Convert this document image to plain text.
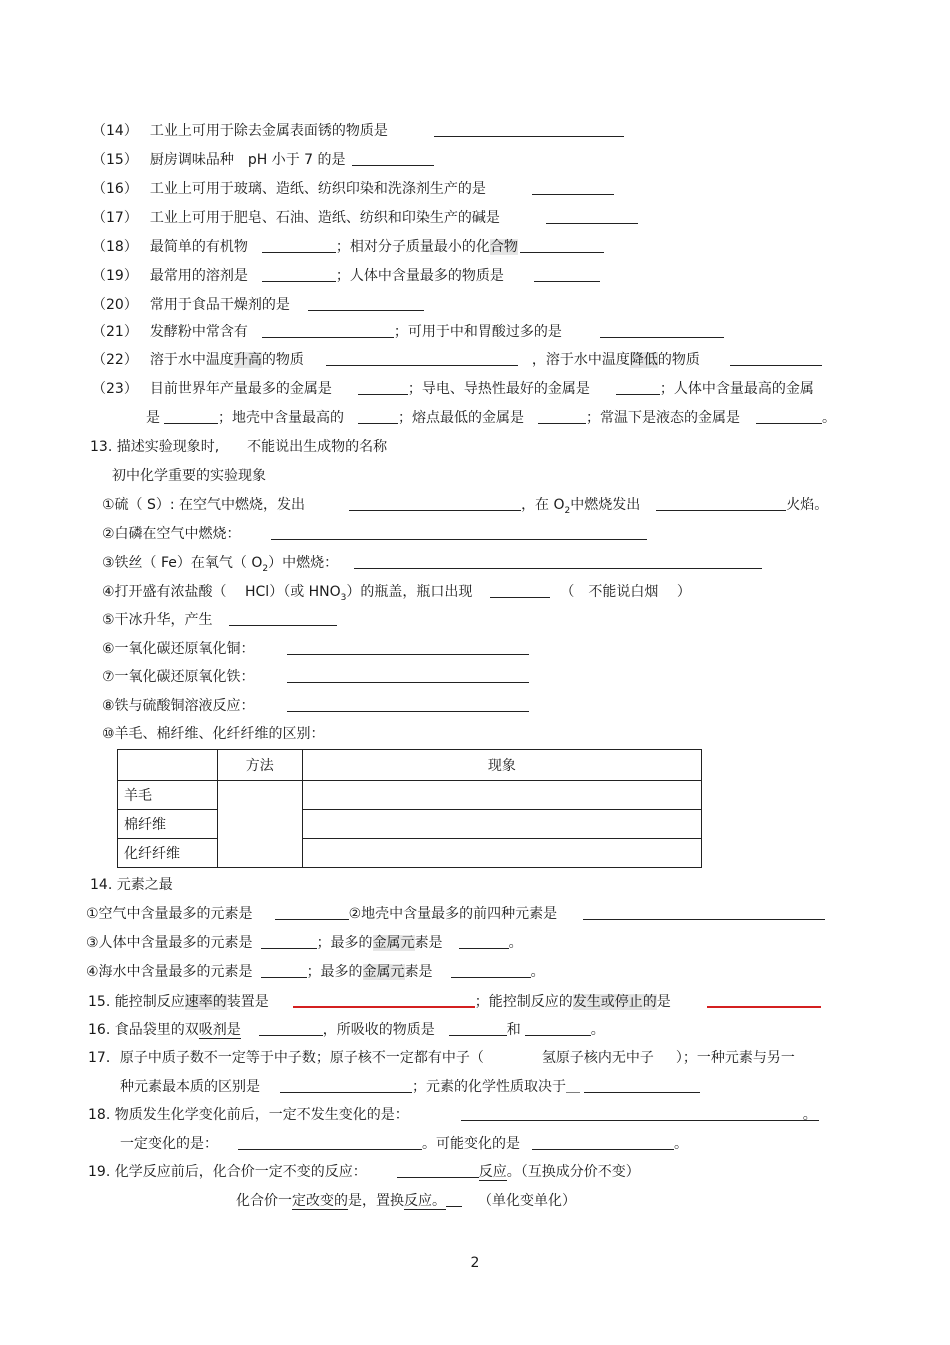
（14） 工业上可用于除去金属表面锈的物质是
（15） 厨房调味品种　pH 小于 7 的是
（16） 工业上可用于玻璃、造纸、纺织印染和洗涤剂生产的是
（17） 工业上可用于肥皂、石油、造纸、纺织和印染生产的碱是
（18） 最简单的有机物	；相对分子质量最小的化合物
（19） 最常用的溶剂是	；人体中含量最多的物质是
（20） 常用于食品干燥剂的是
（21） 发酵粉中常含有	；可用于中和胃酸过多的是
（22） 溶于水中温度升高的物质	，溶于水中温度降低的物质
（23） 目前世界年产量最多的金属是	；导电、导热性最好的金属是	；人体中含量最高的金属
是	；地壳中含量最高的	；熔点最低的金属是	；常温下是液态的金属是	。
13. 描述实验现象时,　　不能说出生成物的名称
初中化学重要的实验现象
①硫（ S）: 在空气中燃烧，发出	，在 $O_2$中燃烧发出	火焰。
②白磷在空气中燃烧：
③铁丝（ Fe）在氧气（ $O_2$）中燃烧：
④打开盛有浓盐酸（　 HCl）（或 $HNO_3$）的瓶盖，瓶口出现	（　不能说白烟　 ）
⑤干冰升华，产生
⑥一氧化碳还原氧化铜：
⑦一氧化碳还原氧化铁：
⑧铁与硫酸铜溶液反应：
⑩羊毛、棉纤维、化纤纤维的区别：
	方法	现象
羊毛		
棉纤维		
化纤纤维		
14. 元素之最
①空气中含量最多的元素是	②地壳中含量最多的前四种元素是
③人体中含量最多的元素是	；最多的金属元素是	。
④海水中含量最多的元素是	；最多的金属元素是	。
15. 能控制反应速率的装置是	；能控制反应的发生或停止的是
16. 食品袋里的双吸剂是	，所吸收的物质是	和	。
17．原子中质子数不一定等于中子数；原子核不一定都有中子（	氢原子核内无中子 ）；一种元素与另一
种元素最本质的区别是	；元素的化学性质取决于＿
18. 物质发生化学变化前后，一定不发生变化的是：	。
一定变化的是：	。可能变化的是	。
19. 化学反应前后，化合价一定不变的反应：	反应。（互换成分价不变）
化合价一定改变的是，置换反应。 （单化变单化）
2
